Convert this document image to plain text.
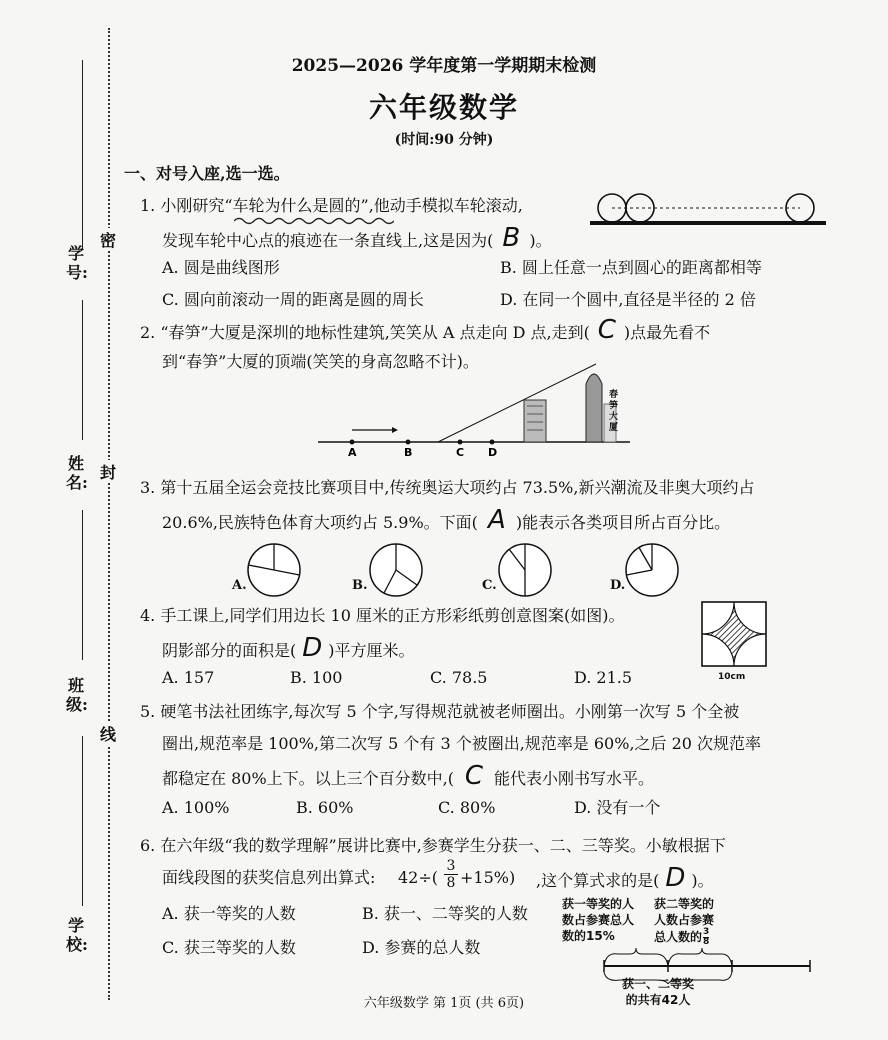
学号:
姓名:
班级:
学校:
密
封
线
2025—2026 学年度第一学期期末检测
六年级数学
(时间:90 分钟)
一、对号入座,选一选。
1. 小刚研究“车轮为什么是圆的”,他动手模拟车轮滚动,
发现车轮中心点的痕迹在一条直线上,这是因为( B )。
A. 圆是曲线图形	B. 圆上任意一点到圆心的距离都相等
C. 圆向前滚动一周的距离是圆的周长	D. 在同一个圆中,直径是半径的 2 倍
2. “春笋”大厦是深圳的地标性建筑,笑笑从 A 点走向 D 点,走到( C )点最先看不
到“春笋”大厦的顶端(笑笑的身高忽略不计)。
A	B	C D
春笋大厦
3. 第十五届全运会竞技比赛项目中,传统奥运大项约占 73.5%,新兴潮流及非奥大项约占
20.6%,民族特色体育大项约占 5.9%。下面( A )能表示各类项目所占百分比。
A.	B.	C.	D.
4. 手工课上,同学们用边长 10 厘米的正方形彩纸剪创意图案(如图)。
阴影部分的面积是( D )平方厘米。
10cm
A. 157	B. 100	C. 78.5	D. 21.5
5. 硬笔书法社团练字,每次写 5 个字,写得规范就被老师圈出。小刚第一次写 5 个全被
圈出,规范率是 100%,第二次写 5 个有 3 个被圈出,规范率是 60%,之后 20 次规范率
都稳定在 80%上下。以上三个百分数中,( C 能代表小刚书写水平。
A. 100%	B. 60%	C. 80%	D. 没有一个
6. 在六年级“我的数学理解”展讲比赛中,参赛学生分获一、二、三等奖。小敏根据下
面线段图的获奖信息列出算式: $42\div( \frac{3}{8} +15\%)$ ,这个算式求的是( D )。
A. 获一等奖的人数	B. 获一、二等奖的人数
C. 获三等奖的人数	D. 参赛的总人数
获一等奖的人
数占参赛总人
数的15%
获二等奖的
人数占参赛
总人数的 $\frac{3}{8}$
获一、二等奖
的共有42人
六年级数学 第 1页 (共 6页)
